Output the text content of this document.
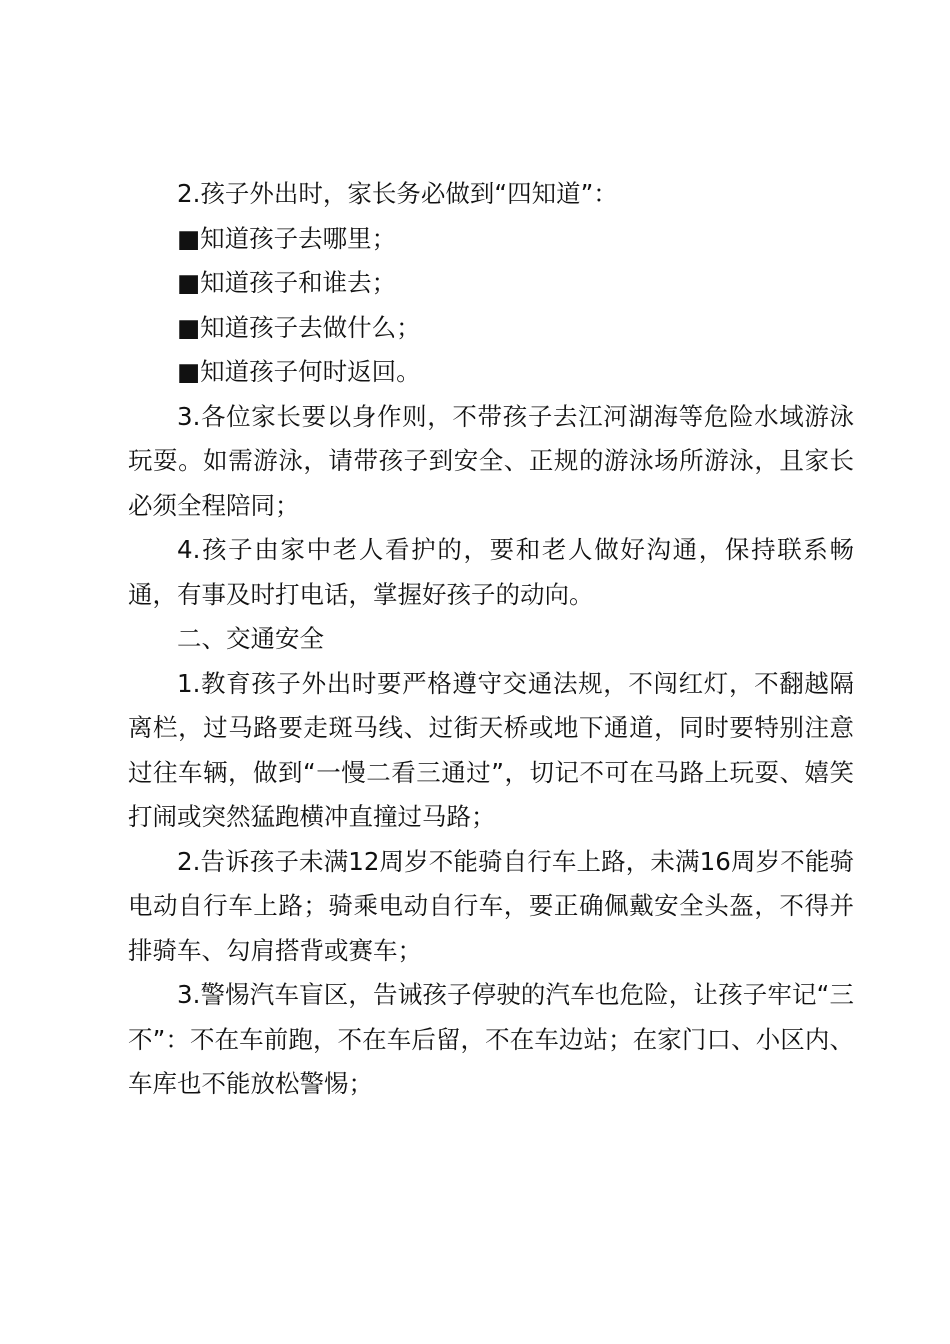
2.孩子外出时，家长务必做到“四知道”：

■知道孩子去哪里；

■知道孩子和谁去；

■知道孩子去做什么；

■知道孩子何时返回。

3.各位家长要以身作则，不带孩子去江河湖海等危险水域游泳玩耍。如需游泳，请带孩子到安全、正规的游泳场所游泳，且家长必须全程陪同；

4.孩子由家中老人看护的，要和老人做好沟通，保持联系畅通，有事及时打电话，掌握好孩子的动向。

二、交通安全

1.教育孩子外出时要严格遵守交通法规，不闯红灯，不翻越隔离栏，过马路要走斑马线、过街天桥或地下通道，同时要特别注意过往车辆，做到“一慢二看三通过”，切记不可在马路上玩耍、嬉笑打闹或突然猛跑横冲直撞过马路；

2.告诉孩子未满12周岁不能骑自行车上路，未满16周岁不能骑电动自行车上路；骑乘电动自行车，要正确佩戴安全头盔，不得并排骑车、勾肩搭背或赛车；

3.警惕汽车盲区，告诫孩子停驶的汽车也危险，让孩子牢记“三不”：不在车前跑，不在车后留，不在车边站；在家门口、小区内、车库也不能放松警惕；
